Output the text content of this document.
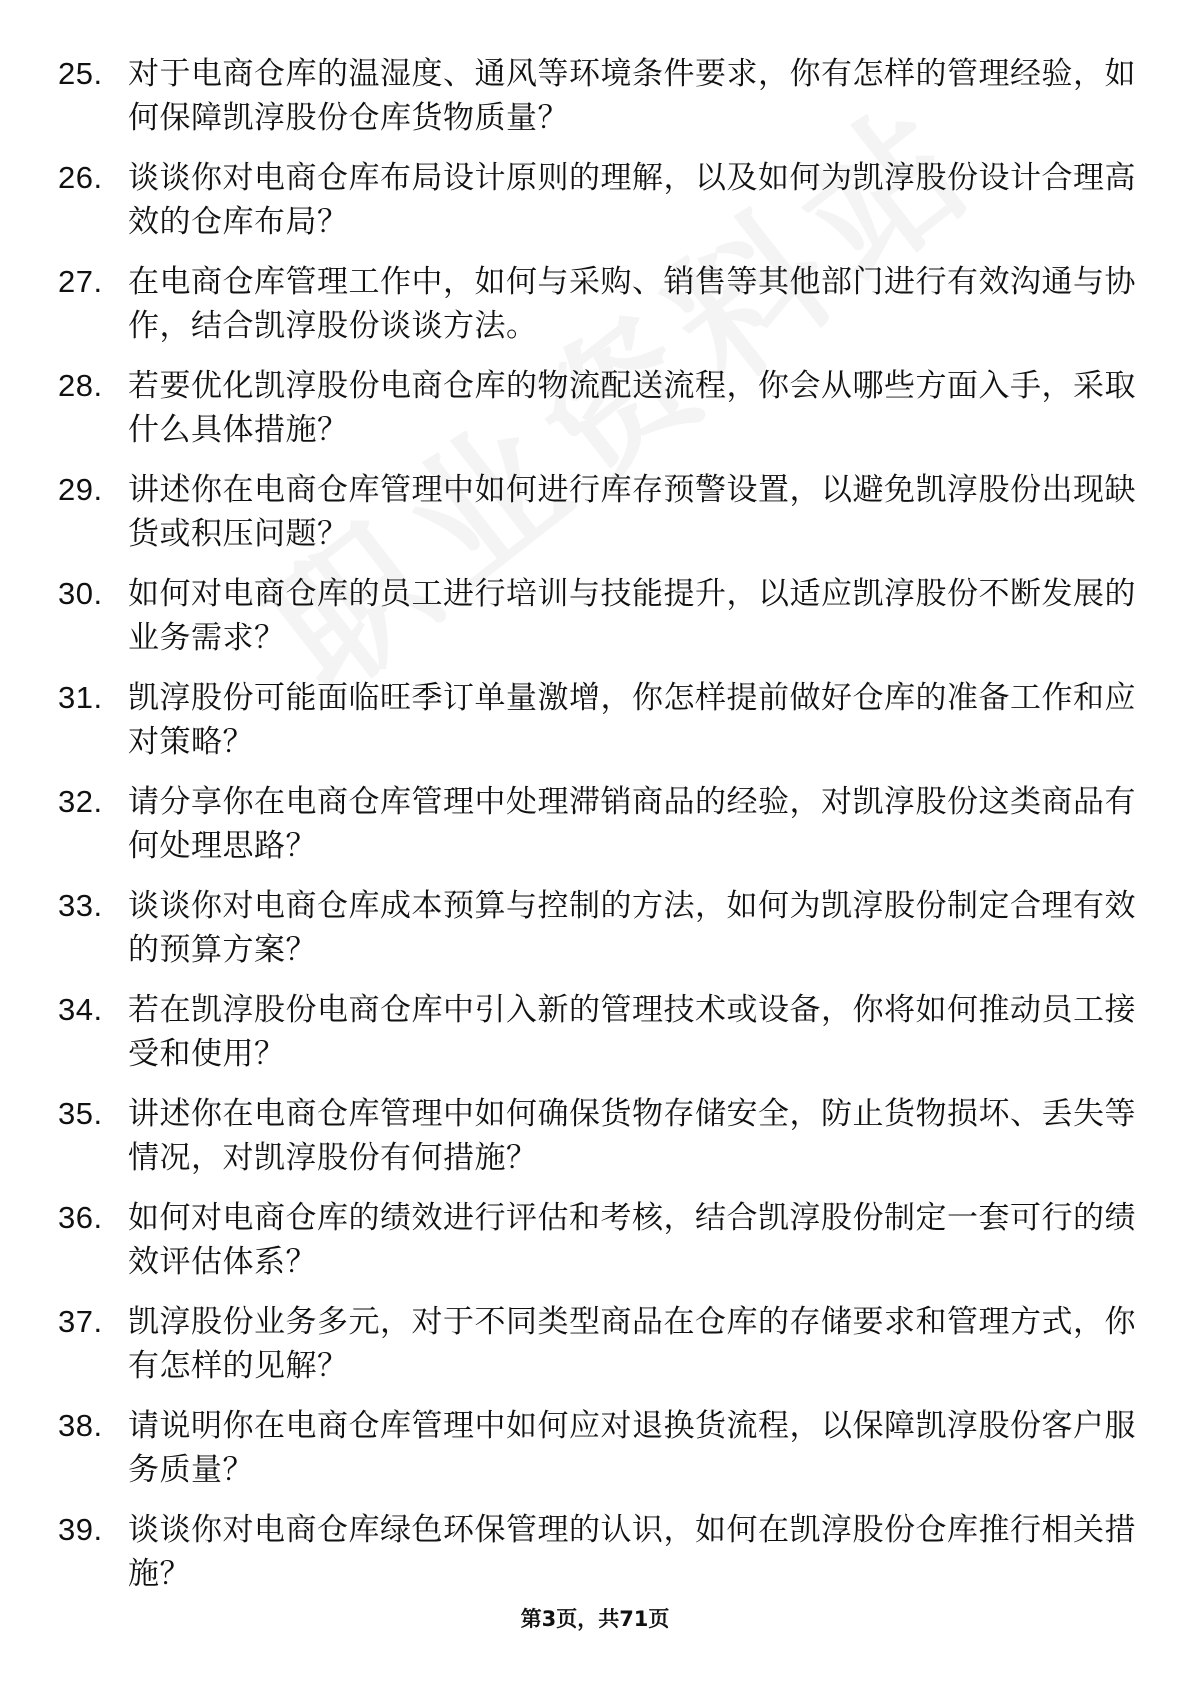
25. 对于电商仓库的温湿度、通风等环境条件要求，你有怎样的管理经验，如何保障凯淳股份仓库货物质量？
26. 谈谈你对电商仓库布局设计原则的理解，以及如何为凯淳股份设计合理高效的仓库布局？
27. 在电商仓库管理工作中，如何与采购、销售等其他部门进行有效沟通与协作，结合凯淳股份谈谈方法。
28. 若要优化凯淳股份电商仓库的物流配送流程，你会从哪些方面入手，采取什么具体措施？
29. 讲述你在电商仓库管理中如何进行库存预警设置，以避免凯淳股份出现缺货或积压问题？
30. 如何对电商仓库的员工进行培训与技能提升，以适应凯淳股份不断发展的业务需求？
31. 凯淳股份可能面临旺季订单量激增，你怎样提前做好仓库的准备工作和应对策略？
32. 请分享你在电商仓库管理中处理滞销商品的经验，对凯淳股份这类商品有何处理思路？
33. 谈谈你对电商仓库成本预算与控制的方法，如何为凯淳股份制定合理有效的预算方案？
34. 若在凯淳股份电商仓库中引入新的管理技术或设备，你将如何推动员工接受和使用？
35. 讲述你在电商仓库管理中如何确保货物存储安全，防止货物损坏、丢失等情况，对凯淳股份有何措施？
36. 如何对电商仓库的绩效进行评估和考核，结合凯淳股份制定一套可行的绩效评估体系？
37. 凯淳股份业务多元，对于不同类型商品在仓库的存储要求和管理方式，你有怎样的见解？
38. 请说明你在电商仓库管理中如何应对退换货流程，以保障凯淳股份客户服务质量？
39. 谈谈你对电商仓库绿色环保管理的认识，如何在凯淳股份仓库推行相关措施？
第3页，共71页
